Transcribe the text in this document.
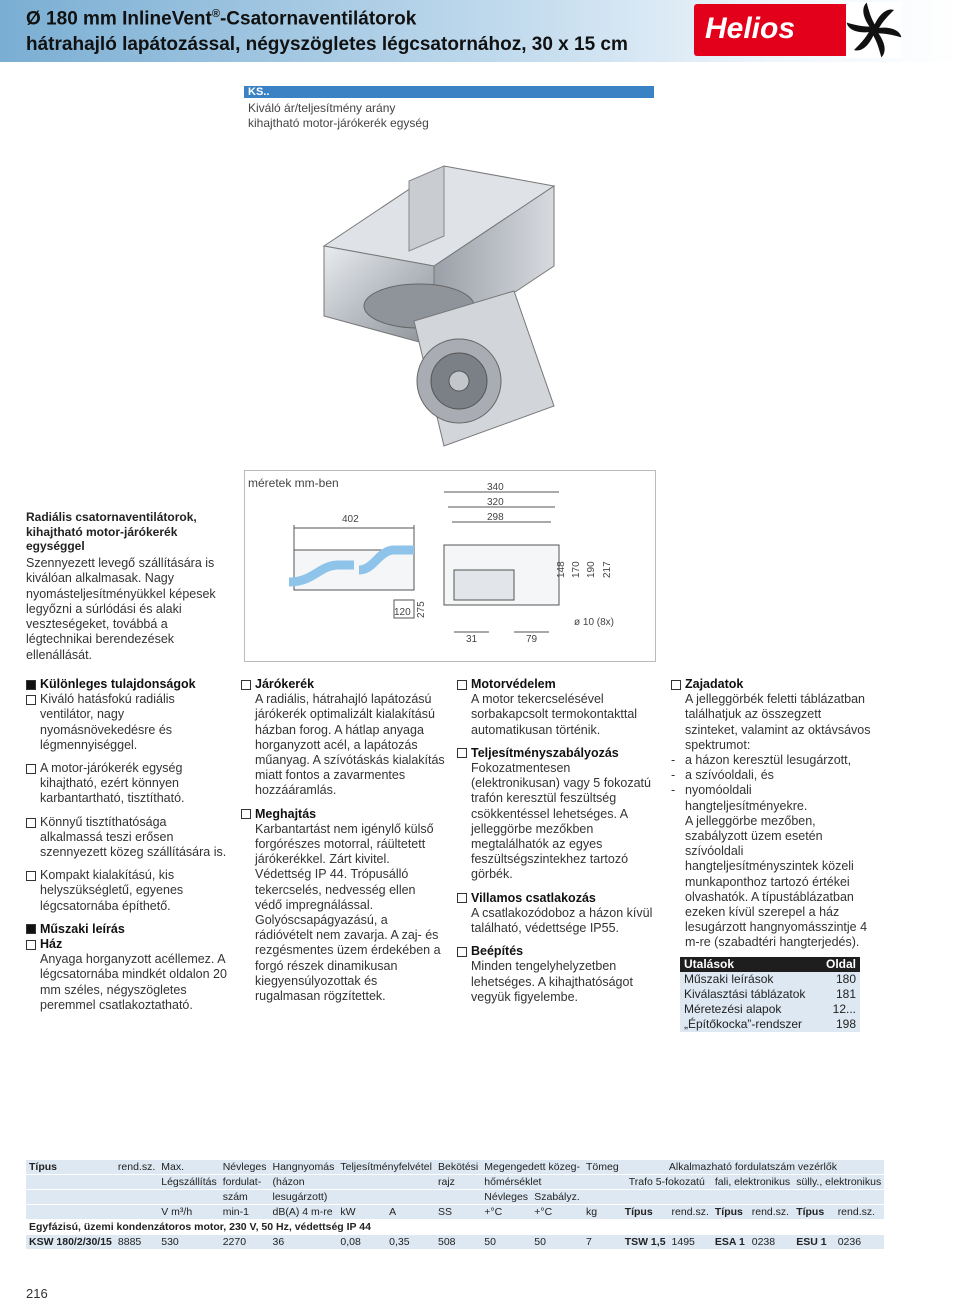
Ø 180 mm InlineVent®-Csatornaventilátorok
hátrahajló lapátozással, négyszögletes légcsatornához, 30 x 15 cm	Helios
KS..
Kiváló ár/teljesítmény arány
kihajtható motor-járókerék egység
méretek mm-ben
402
120 275
340
320
298
148 170 190 217
31	79
ø 10 (8x)
Radiális csatornaventilátorok, kihajtható motor-járókerék egységgel
Szennyezett levegő szállítására is kiválóan alkalmasak. Nagy nyomásteljesítményükkel képesek legyőzni a súrlódási és alaki veszteségeket, továbbá a légtechnikai berendezések ellenállását.
Különleges tulajdonságok
Kiváló hatásfokú radiális ventilátor, nagy nyomásnövekedésre és légmennyiséggel.
A motor-járókerék egység kihajtható, ezért könnyen karbantartható, tisztítható.
Könnyű tisztíthatósága alkalmassá teszi erősen szennyezett közeg szállítására is.
Kompakt kialakítású, kis helyszükségletű, egyenes légcsatornába építhető.
Műszaki leírás
Ház
Anyaga horganyzott acéllemez. A légcsatornába mindkét oldalon 20 mm széles, négyszögletes peremmel csatlakoztatható.
Járókerék
A radiális, hátrahajló lapátozású járókerék optimalizált kialakítású házban forog. A hátlap anyaga horganyzott acél, a lapátozás műanyag. A szívótáskás kialakítás miatt fontos a zavarmentes hozzááramlás.
Meghajtás
Karbantartást nem igénylő külső forgórészes motorral, ráültetett járókerékkel. Zárt kivitel. Védettség IP 44. Trópusálló tekercselés, nedvesség ellen védő impregnálással. Golyóscsapágyazású, a rádióvételt nem zavarja. A zaj- és rezgésmentes üzem érdekében a forgó részek dinamikusan kiegyensúlyozottak és rugalmasan rögzítettek.
Motorvédelem
A motor tekercselésével sorbakapcsolt termokontakttal automatikusan történik.
Teljesítményszabályozás
Fokozatmentesen (elektronikusan) vagy 5 fokozatú trafón keresztül feszültség csökkentéssel lehetséges. A jelleggörbe mezőkben megtalálhatók az egyes feszültségszintekhez tartozó görbék.
Villamos csatlakozás
A csatlakozódoboz a házon kívül található, védettsége IP55.
Beépítés
Minden tengelyhelyzetben lehetséges. A kihajthatóságot vegyük figyelembe.
Zajadatok
A jelleggörbék feletti táblázatban találhatjuk az összegzett szinteket, valamint az oktávsávos spektrumot:
- a házon keresztül lesugárzott,
- a szívóoldali, és
- nyomóoldali hangteljesítményekre.
A jelleggörbe mezőben, szabályzott üzem esetén szívóoldali hangteljesítményszintek közeli munkaponthoz tartozó értékei olvashatók. A típustáblázatban ezeken kívül szerepel a ház lesugárzott hangnyomásszintje 4 m-re (szabadtéri hangterjedés).
Utalások	Oldal
Műszaki leírások	180
Kiválasztási táblázatok	181
Méretezési alapok	12...
„Építőkocka”-rendszer	198
Típus	rend.sz.	Max.	Névleges	Hangnyomás	Teljesítményfelvétel		Bekötési	Megengedett közeg-		Tömeg	Alkalmazható fordulatszám vezérlők					
		Légszállítás	fordulat-	(házon			rajz	hőmérséklet			Trafo 5-fokozatú		fali, elektronikus		sülly., elektronikus	
			szám	lesugárzott)				Névleges	Szabályz.							
		V m³/h	min-1	dB(A) 4 m-re	kW	A	SS	+°C	+°C	kg	Típus	rend.sz.	Típus	rend.sz.	Típus	rend.sz.
Egyfázisú, üzemi kondenzátoros motor, 230 V, 50 Hz, védettség IP 44																
KSW 180/2/30/15	8885	530	2270	36	0,08	0,35	508	50	50	7	TSW 1,5	1495	ESA 1	0238	ESU 1	0236
216
